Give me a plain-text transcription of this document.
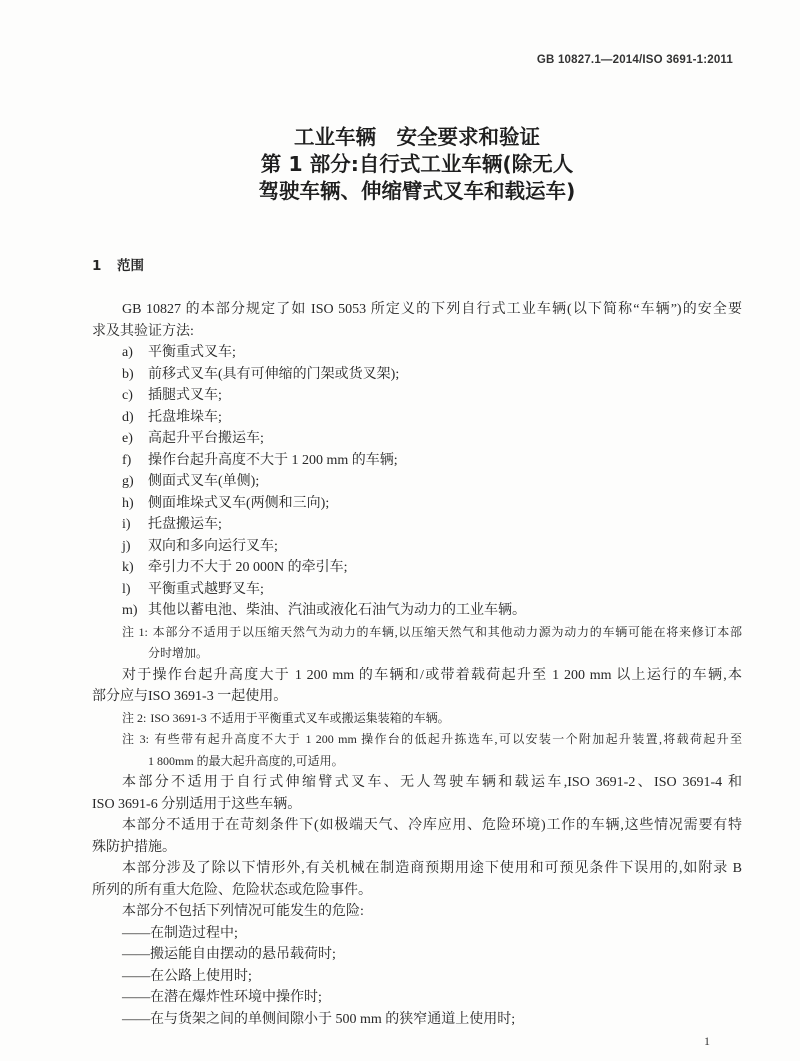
GB 10827.1—2014/ISO 3691-1:2011
工业车辆　安全要求和验证
第 1 部分:自行式工业车辆(除无人
驾驶车辆、伸缩臂式叉车和载运车)
1 范围
GB 10827 的本部分规定了如 ISO 5053 所定义的下列自行式工业车辆(以下简称“车辆”)的安全要
求及其验证方法:
a) 平衡重式叉车;
b) 前移式叉车(具有可伸缩的门架或货叉架);
c) 插腿式叉车;
d) 托盘堆垛车;
e) 高起升平台搬运车;
f) 操作台起升高度不大于 1 200 mm 的车辆;
g) 侧面式叉车(单侧);
h) 侧面堆垛式叉车(两侧和三向);
i) 托盘搬运车;
j) 双向和多向运行叉车;
k) 牵引力不大于 20 000N 的牵引车;
l) 平衡重式越野叉车;
m) 其他以蓄电池、柴油、汽油或液化石油气为动力的工业车辆。
注 1: 本部分不适用于以压缩天然气为动力的车辆,以压缩天然气和其他动力源为动力的车辆可能在将来修订本部
分时增加。
对于操作台起升高度大于 1 200 mm 的车辆和/或带着载荷起升至 1 200 mm 以上运行的车辆,本
部分应与ISO 3691-3 一起使用。
注 2: ISO 3691-3 不适用于平衡重式叉车或搬运集装箱的车辆。
注 3: 有些带有起升高度不大于 1 200 mm 操作台的低起升拣选车,可以安装一个附加起升装置,将载荷起升至
1 800mm 的最大起升高度的,可适用。
本部分不适用于自行式伸缩臂式叉车、无人驾驶车辆和载运车,ISO 3691-2、ISO 3691-4 和
ISO 3691-6 分别适用于这些车辆。
本部分不适用于在苛刻条件下(如极端天气、冷库应用、危险环境)工作的车辆,这些情况需要有特
殊防护措施。
本部分涉及了除以下情形外,有关机械在制造商预期用途下使用和可预见条件下误用的,如附录 B
所列的所有重大危险、危险状态或危险事件。
本部分不包括下列情况可能发生的危险:
——在制造过程中;
——搬运能自由摆动的悬吊载荷时;
——在公路上使用时;
——在潜在爆炸性环境中操作时;
——在与货架之间的单侧间隙小于 500 mm 的狭窄通道上使用时;
1
